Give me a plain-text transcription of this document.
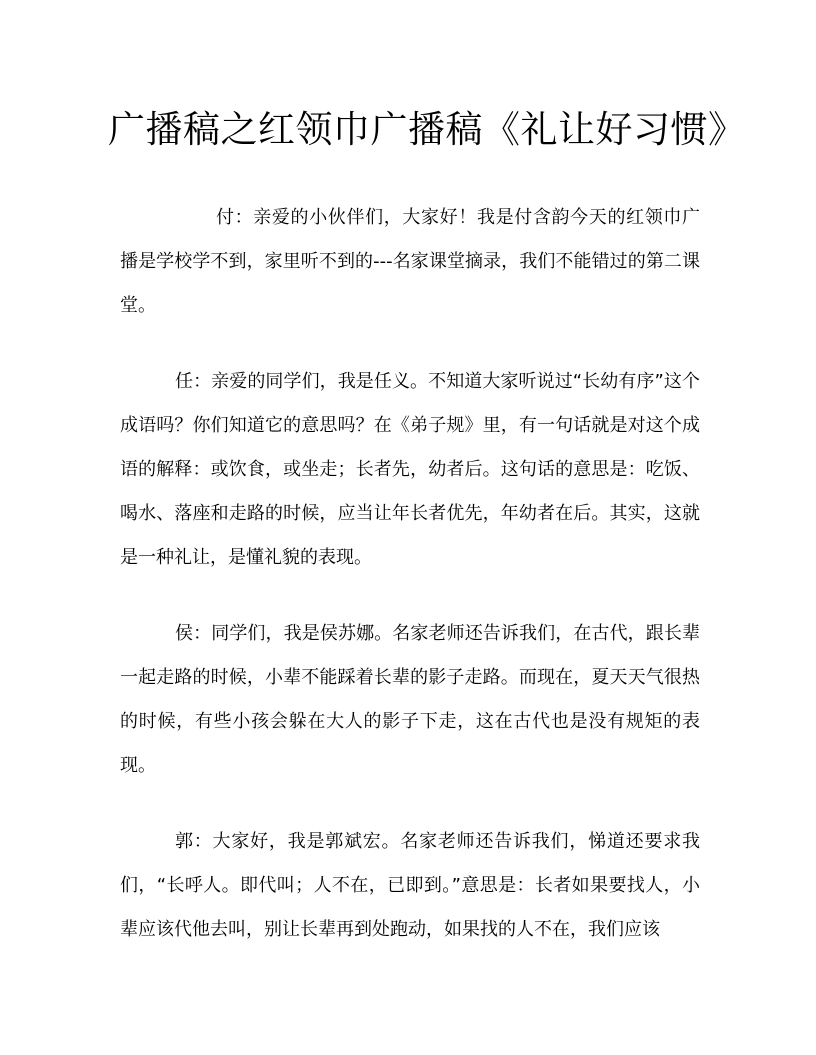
广播稿之红领巾广播稿《礼让好习惯》

付：亲爱的小伙伴们，大家好！我是付含韵今天的红领巾广播是学校学不到，家里听不到的---名家课堂摘录，我们不能错过的第二课堂。

任：亲爱的同学们，我是任义。不知道大家听说过“长幼有序”这个成语吗？你们知道它的意思吗？在《弟子规》里，有一句话就是对这个成语的解释：或饮食，或坐走；长者先，幼者后。这句话的意思是：吃饭、喝水、落座和走路的时候，应当让年长者优先，年幼者在后。其实，这就是一种礼让，是懂礼貌的表现。

侯：同学们，我是侯苏娜。名家老师还告诉我们，在古代，跟长辈一起走路的时候，小辈不能踩着长辈的影子走路。而现在，夏天天气很热的时候，有些小孩会躲在大人的影子下走，这在古代也是没有规矩的表现。

郭：大家好，我是郭斌宏。名家老师还告诉我们，悌道还要求我们，“长呼人。即代叫；人不在，已即到。”意思是：长者如果要找人，小辈应该代他去叫，别让长辈再到处跑动，如果找的人不在，我们应该
